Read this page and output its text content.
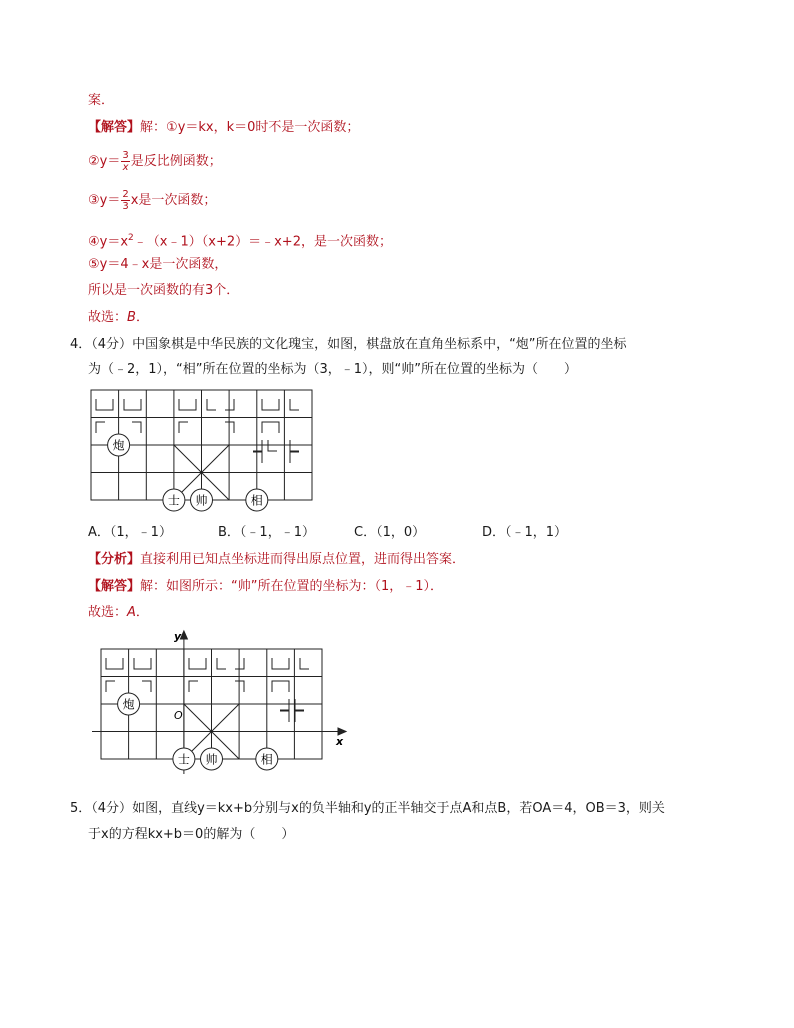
案．
【解答】解：①y＝kx，k＝0时不是一次函数；
②y＝ $\frac{3}{x}$ 是反比例函数；
③y＝ $\frac{2}{3}$ x是一次函数；
$④y=x^2﹣(x﹣1)(x+2)=﹣x+2$，是一次函数；
⑤y＝4﹣x是一次函数，
所以是一次函数的有3个．
故选：B．
4．（4分）中国象棋是中华民族的文化瑰宝，如图，棋盘放在直角坐标系中，“炮”所在位置的坐标
为（﹣2，1），“相”所在位置的坐标为（3，﹣1），则“帅”所在位置的坐标为（　　）
炮
士 帅	相
A．（1，﹣1）	B．（﹣1，﹣1）	C．（1，0）	D．（﹣1，1）
【分析】直接利用已知点坐标进而得出原点位置，进而得出答案．
【解答】解：如图所示：“帅”所在位置的坐标为：（1，﹣1）．
故选：A．
y
x
O
炮
士 帅	相
5．（4分）如图，直线y＝kx+b分别与x的负半轴和y的正半轴交于点A和点B，若OA＝4，OB＝3，则关
于x的方程kx+b＝0的解为（　　）
